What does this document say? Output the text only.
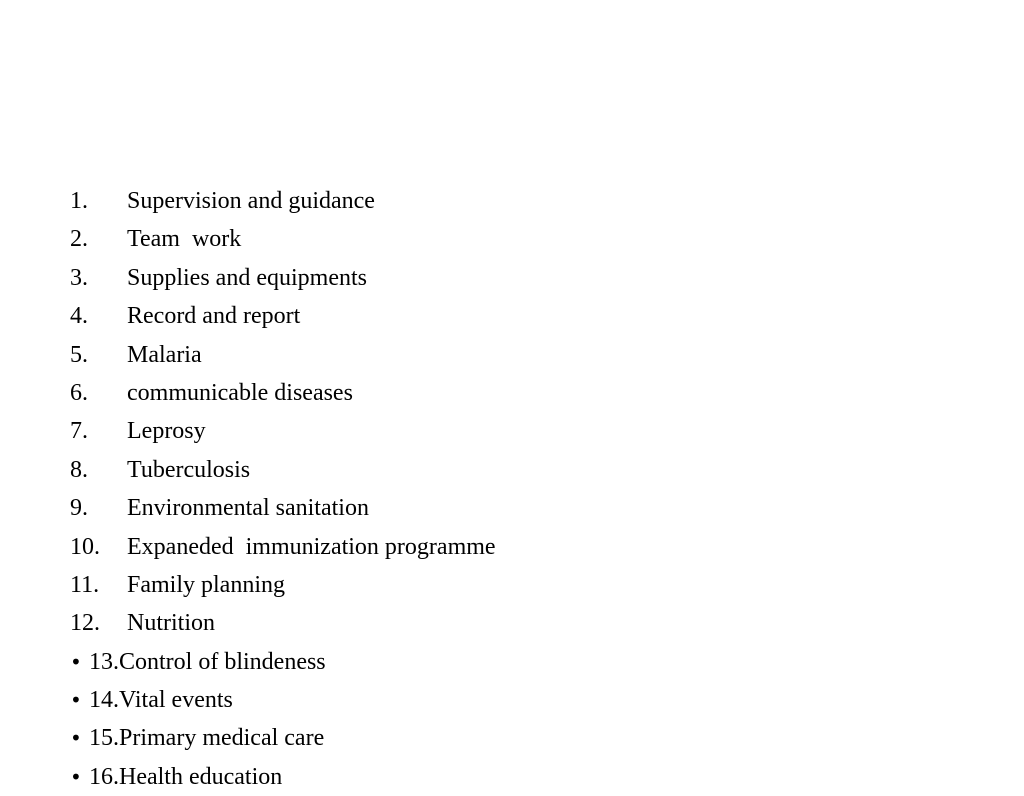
1.	Supervision and guidance
2.	Team  work
3.	Supplies and equipments
4.	Record and report
5.	Malaria
6.	communicable diseases
7.	Leprosy
8.	Tuberculosis
9.	Environmental sanitation
10.	Expaneded  immunization programme
11.	Family planning
12.	Nutrition
• 13.Control of blindeness
• 14.Vital events
• 15.Primary medical care
• 16.Health education
